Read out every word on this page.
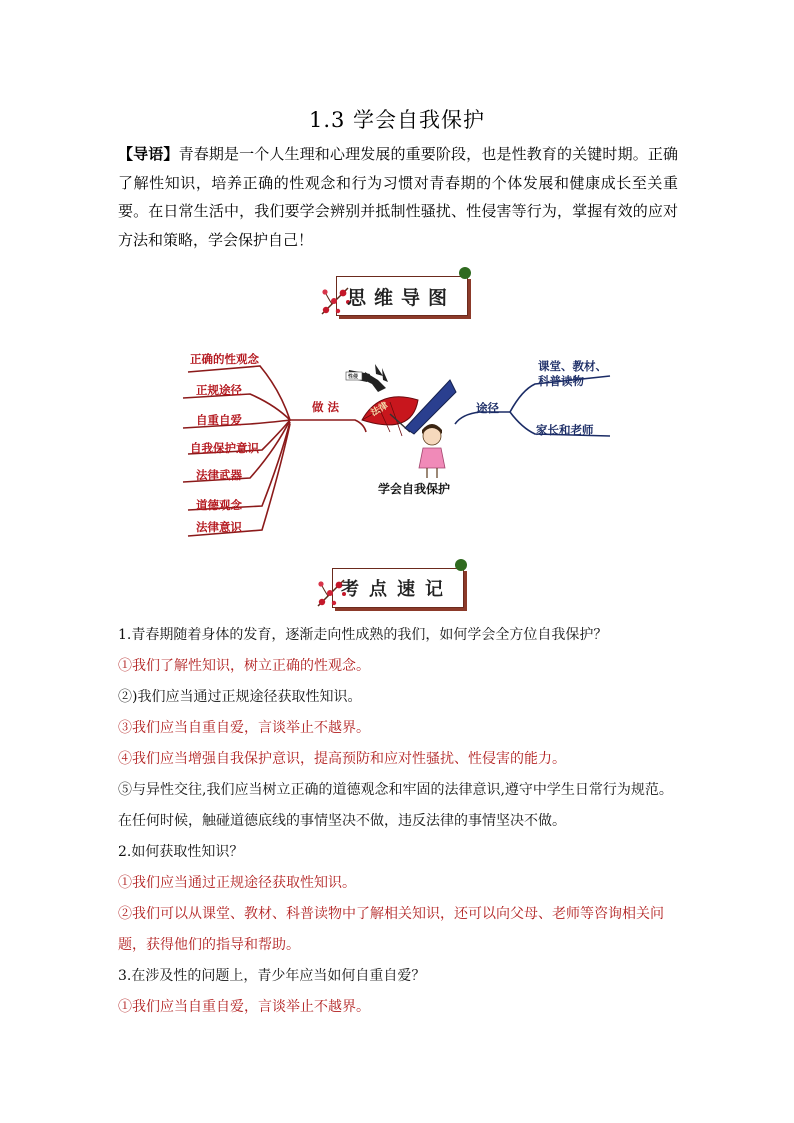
1.3 学会自我保护
【导语】青春期是一个人生理和心理发展的重要阶段，也是性教育的关键时期。正确了解性知识，培养正确的性观念和行为习惯对青春期的个体发展和健康成长至关重要。在日常生活中，我们要学会辨别并抵制性骚扰、性侵害等行为，掌握有效的应对方法和策略，学会保护自己！
思维导图
正确的性观念
正规途径
自重自爱
自我保护意识
法律武器
道德观念
法律意识
做 法	途径
课堂、教材、
科普读物
家长和老师
法律
性侵
学会自我保护
考点速记

1.青春期随着身体的发育，逐渐走向性成熟的我们，如何学会全方位自我保护？

①我们了解性知识，树立正确的性观念。

②)我们应当通过正规途径获取性知识。

③我们应当自重自爱，言谈举止不越界。

④我们应当增强自我保护意识，提高预防和应对性骚扰、性侵害的能力。

⑤与异性交往,我们应当树立正确的道德观念和牢固的法律意识,遵守中学生日常行为规范。在任何时候，触碰道德底线的事情坚决不做，违反法律的事情坚决不做。

2.如何获取性知识？

①我们应当通过正规途径获取性知识。

②我们可以从课堂、教材、科普读物中了解相关知识，还可以向父母、老师等咨询相关问题，获得他们的指导和帮助。

3.在涉及性的问题上，青少年应当如何自重自爱？

①我们应当自重自爱，言谈举止不越界。
